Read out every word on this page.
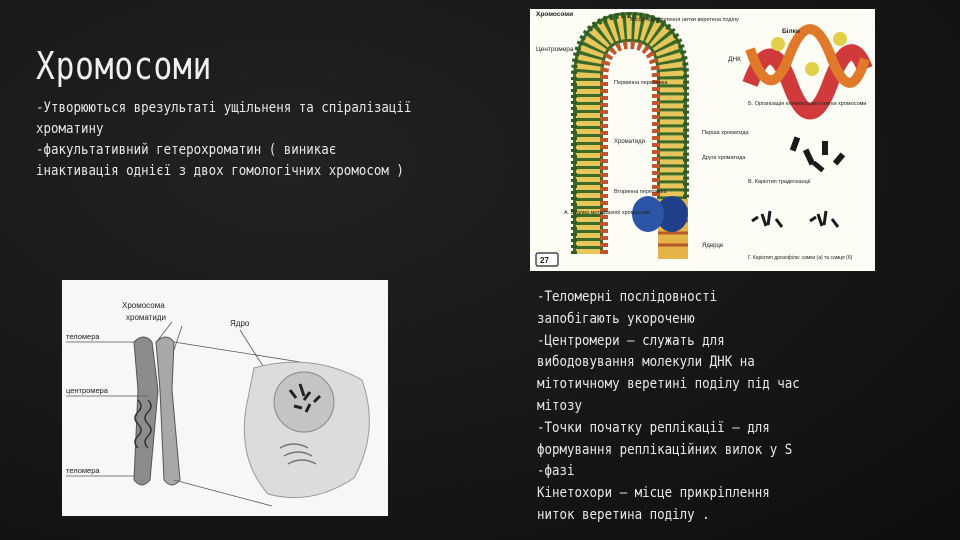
Хромосоми
-Утворюються врезультаті ущільненя та спіралізації
хроматину
-факультативний гетерохроматин ( виникає
інактивація однієї з двох гомологічних хромосом )
Хромосоми
Місце прикріплення нитки веретена поділу
Центромера
Білки
ДНК
Первинна перетяжка
Хроматиди
Перша хроматида
Друга хроматида
Вторинна перетяжка
Ядерце
А. Будова метафазної хромосоми
Б. Організація елементарної нитки хромосоми
В. Каріотип традесканції
Г. Каріотип дрозофіли: самки (а) та самця (б)
27
Хромосома
хроматиди
теломера
центромера
теломера
Ядро
-Теломерні послідовності
запобігають укороченю
-Центромери – служать для
вибодовування молекули ДНК на
мітотичному веретині поділу під час
мітозу
-Точки початку реплікації – для
формування реплікаційних вилок у S
-фазі
Кінетохори – місце прикріплення
ниток веретина поділу .
